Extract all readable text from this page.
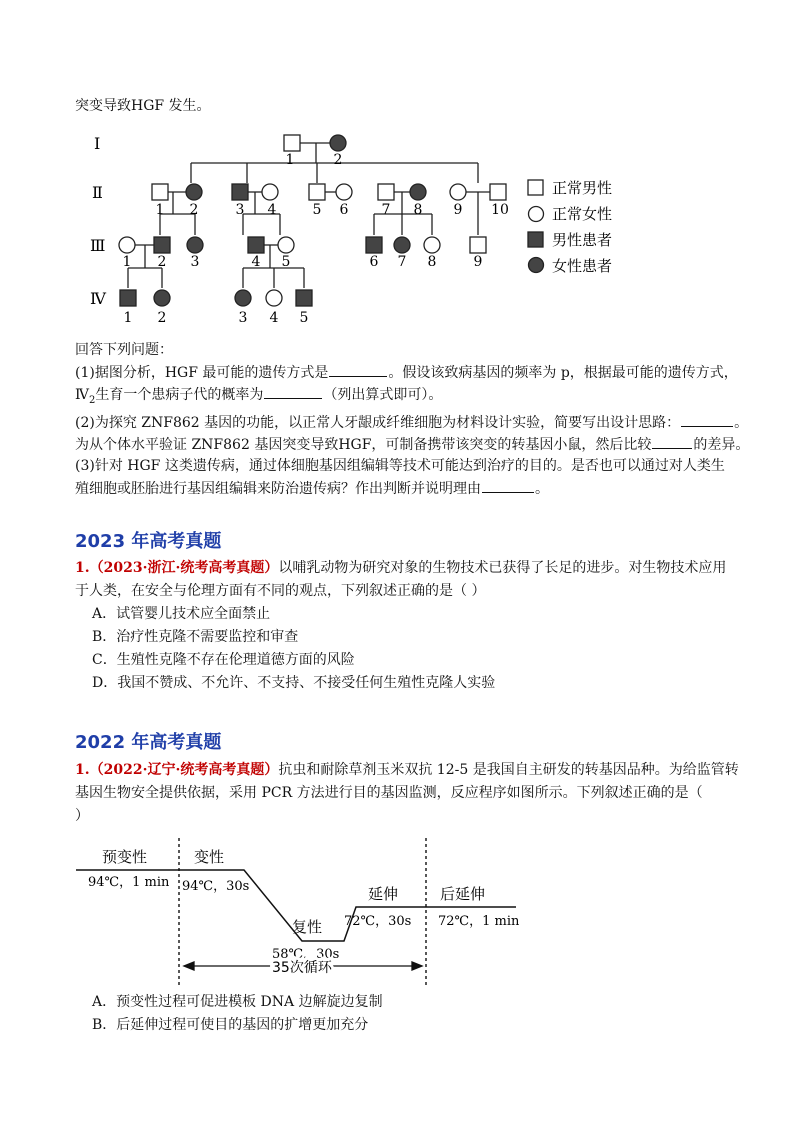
突变导致HGF 发生。
Ⅰ
Ⅱ
Ⅲ
Ⅳ
1	2
1 2	3 4	5 6 7 8 9 10
1 2 3	4 5	6 7 8	9
1 2	3 4 5
正常男性
正常女性
男性患者
女性患者
回答下列问题：
(1)据图分析，HGF 最可能的遗传方式是	。假设该致病基因的频率为 p，根据最可能的遗传方式，
$Ⅳ_2$生育一个患病子代的概率为	（列出算式即可）。
(2)为探究 ZNF862 基因的功能，以正常人牙龈成纤维细胞为材料设计实验，简要写出设计思路：	。
为从个体水平验证 ZNF862 基因突变导致HGF，可制备携带该突变的转基因小鼠，然后比较	的差异。
(3)针对 HGF 这类遗传病，通过体细胞基因组编辑等技术可能达到治疗的目的。是否也可以通过对人类生
殖细胞或胚胎进行基因组编辑来防治遗传病？作出判断并说明理由	。
2023 年高考真题
1.（2023·浙江·统考高考真题）以哺乳动物为研究对象的生物技术已获得了长足的进步。对生物技术应用
于人类，在安全与伦理方面有不同的观点，下列叙述正确的是（ ）
A．试管婴儿技术应全面禁止
B．治疗性克隆不需要监控和审查
C．生殖性克隆不存在伦理道德方面的风险
D．我国不赞成、不允许、不支持、不接受任何生殖性克隆人实验
2022 年高考真题
1.（2022·辽宁·统考高考真题）抗虫和耐除草剂玉米双抗 12-5 是我国自主研发的转基因品种。为给监管转
基因生物安全提供依据，采用 PCR 方法进行目的基因监测，反应程序如图所示。下列叙述正确的是（
）
预变性	变性
复性
延伸	后延伸
94℃，1 min 94℃，30s
58℃，30s
72℃，30s 72℃，1 min
35次循环
A．预变性过程可促进模板 DNA 边解旋边复制
B．后延伸过程可使目的基因的扩增更加充分
